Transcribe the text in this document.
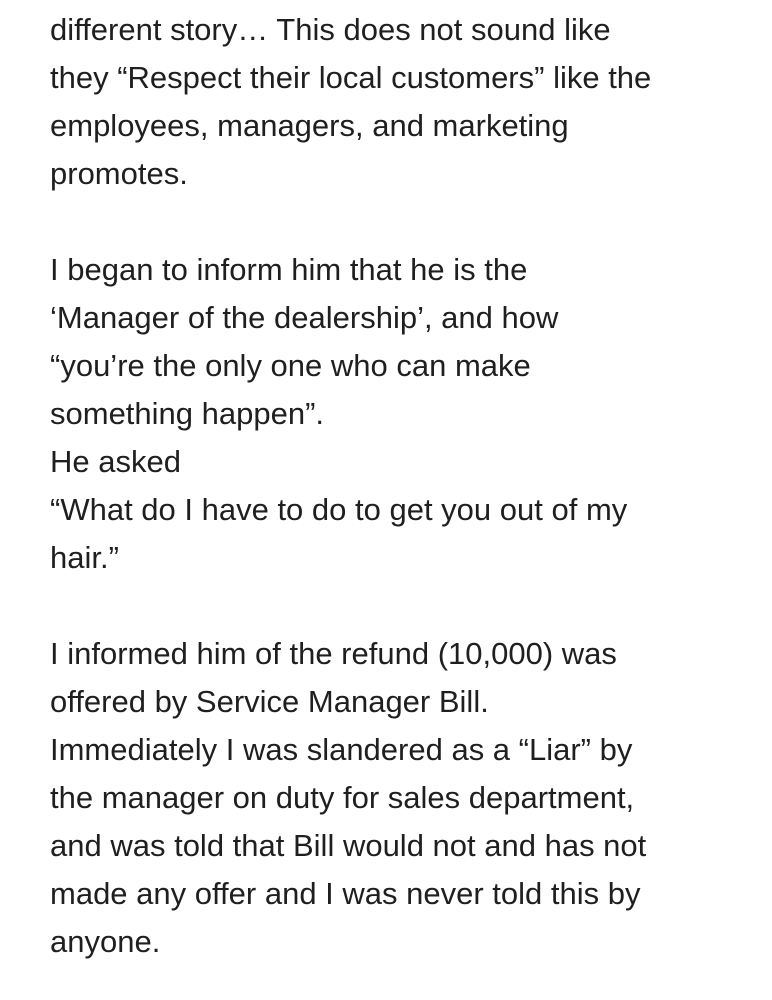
different story… This does not sound like
they “Respect their local customers” like the
employees, managers, and marketing
promotes.
I began to inform him that he is the
‘Manager of the dealership’, and how
“you’re the only one who can make
something happen”.
He asked
“What do I have to do to get you out of my
hair.”
I informed him of the refund (10,000) was
offered by Service Manager Bill.
Immediately I was slandered as a “Liar” by
the manager on duty for sales department,
and was told that Bill would not and has not
made any offer and I was never told this by
anyone.
